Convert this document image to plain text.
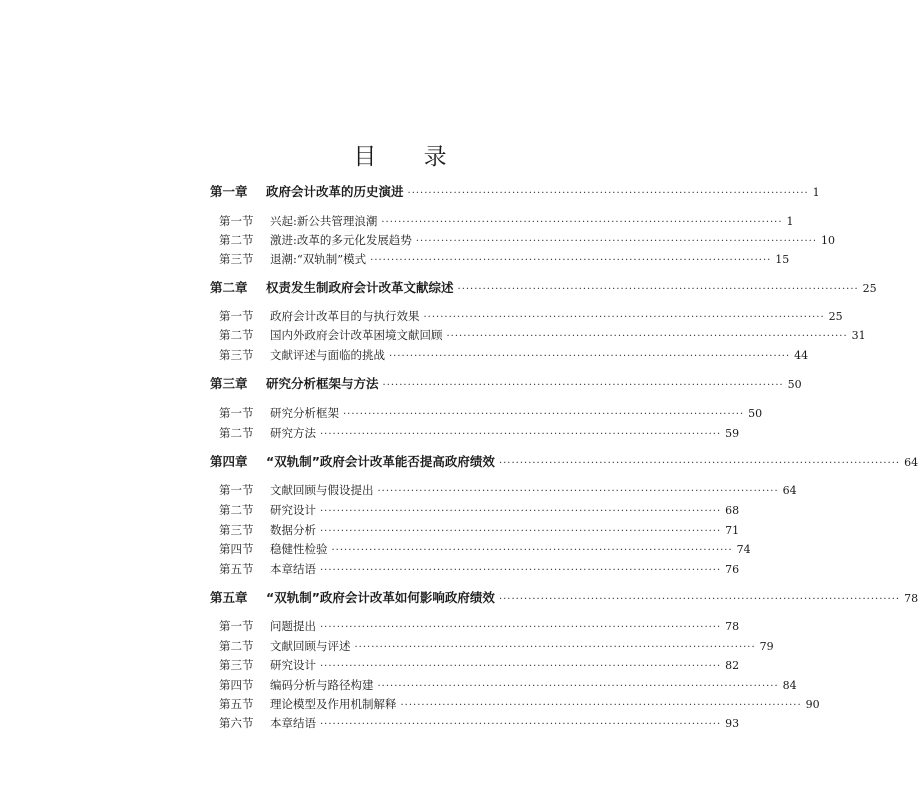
目 录
第一章	政府会计改革的历史演进 ································································································ 1
第一节	兴起:新公共管理浪潮 ································································································ 1
第二节	激进:改革的多元化发展趋势 ································································································ 10
第三节	退潮:“双轨制”模式 ································································································ 15
第二章	权责发生制政府会计改革文献综述 ································································································ 25
第一节	政府会计改革目的与执行效果 ································································································ 25
第二节	国内外政府会计改革困境文献回顾 ································································································ 31
第三节	文献评述与面临的挑战 ································································································ 44
第三章	研究分析框架与方法 ································································································ 50
第一节	研究分析框架 ································································································ 50
第二节	研究方法 ································································································ 59
第四章	“双轨制”政府会计改革能否提高政府绩效 ································································································ 64
第一节	文献回顾与假设提出 ································································································ 64
第二节	研究设计 ································································································ 68
第三节	数据分析 ································································································ 71
第四节	稳健性检验 ································································································ 74
第五节	本章结语 ································································································ 76
第五章	“双轨制”政府会计改革如何影响政府绩效 ································································································ 78
第一节	问题提出 ································································································ 78
第二节	文献回顾与评述 ································································································ 79
第三节	研究设计 ································································································ 82
第四节	编码分析与路径构建 ································································································ 84
第五节	理论模型及作用机制解释 ································································································ 90
第六节	本章结语 ································································································ 93
